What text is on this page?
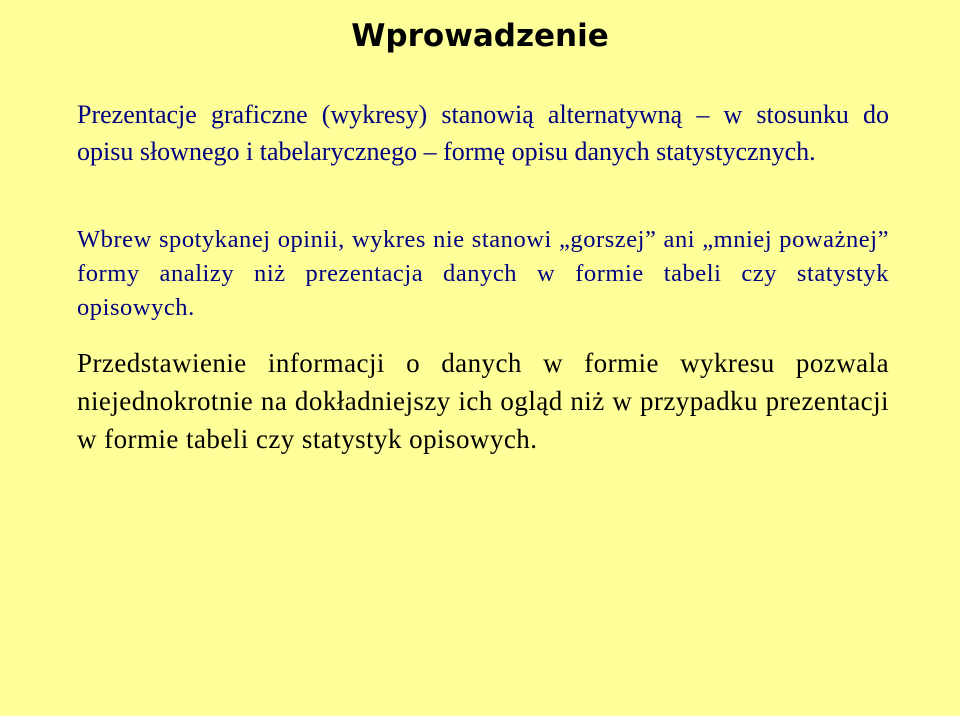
Wprowadzenie

Prezentacje graficzne (wykresy) stanowią alternatywną – w stosunku do opisu słownego i tabelarycznego – formę opisu danych statystycznych.

Wbrew spotykanej opinii, wykres nie stanowi „gorszej” ani „mniej poważnej” formy analizy niż prezentacja danych w formie tabeli czy statystyk opisowych.

Przedstawienie informacji o danych w formie wykresu pozwala niejednokrotnie na dokładniejszy ich ogląd niż w przypadku prezentacji w formie tabeli czy statystyk opisowych.
